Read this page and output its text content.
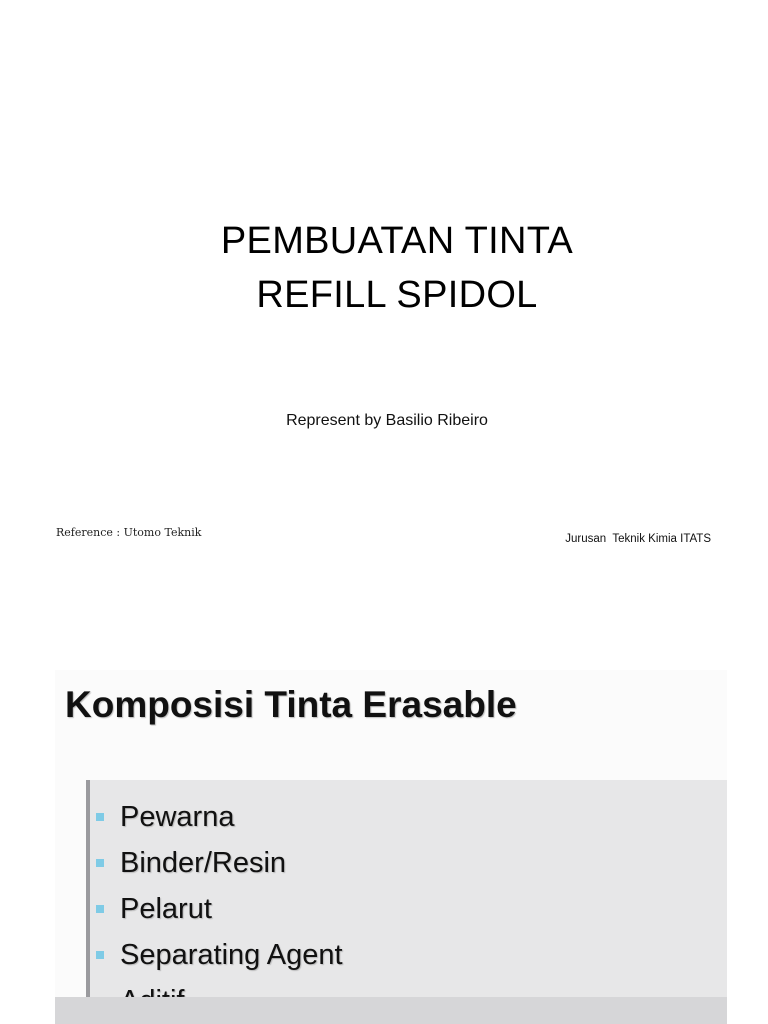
PEMBUATAN TINTA
REFILL SPIDOL
Represent by Basilio Ribeiro
Reference : Utomo Teknik	Jurusan  Teknik Kimia ITATS
Komposisi Tinta Erasable
Pewarna
Binder/Resin
Pelarut
Separating Agent
